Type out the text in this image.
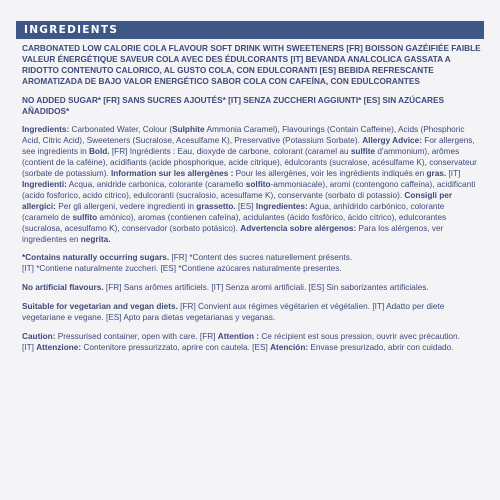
INGREDIENTS

CARBONATED LOW CALORIE COLA FLAVOUR SOFT DRINK WITH SWEETENERS [FR] BOISSON GAZÉIFIÉE FAIBLE VALEUR ÉNERGÉTIQUE SAVEUR COLA AVEC DES ÉDULCORANTS [IT] BEVANDA ANALCOLICA GASSATA A RIDOTTO CONTENUTO CALORICO, AL GUSTO COLA, CON EDULCORANTI [ES] BEBIDA REFRESCANTE AROMATIZADA DE BAJO VALOR ENERGÉTICO SABOR COLA CON CAFEÍNA, CON EDULCORANTES

NO ADDED SUGAR* [FR] SANS SUCRES AJOUTÉS* [IT] SENZA ZUCCHERI AGGIUNTI* [ES] SIN AZÚCARES AÑADIDOS*

Ingredients: Carbonated Water, Colour (Sulphite Ammonia Caramel), Flavourings (Contain Caffeine), Acids (Phosphoric Acid, Citric Acid), Sweeteners (Sucralose, Acesulfame K), Preservative (Potassium Sorbate). Allergy Advice: For allergens, see ingredients in Bold. [FR] Ingrédients : Eau, dioxyde de carbone, colorant (caramel au sulfite d'ammonium), arômes (contient de la caféine), acidifiants (acide phosphorique, acide citrique), édulcorants (sucralose, acésulfame K), conservateur (sorbate de potassium). Information sur les allergènes : Pour les allergènes, voir les ingrédients indiqués en gras. [IT] Ingredienti: Acqua, anidride carbonica, colorante (caramello solfito-ammoniacale), aromi (contengono caffeina), acidificanti (acido fosforico, acido citrico), edulcoranti (sucralosio, acesulfame K), conservante (sorbato di potassio). Consigli per allergici: Per gli allergeni, vedere ingredienti in grassetto. [ES] Ingredientes: Agua, anhídrido carbónico, colorante (caramelo de sulfito amónico), aromas (contienen cafeína), acidulantes (ácido fosfórico, ácido cítrico), edulcorantes (sucralosa, acesulfamo K), conservador (sorbato potásico). Advertencia sobre alérgenos: Para los alérgenos, ver ingredientes en negrita.

*Contains naturally occurring sugars. [FR] *Content des sucres naturellement présents.
[IT] *Contiene naturalmente zuccheri. [ES] *Contiene azúcares naturalmente presentes.

No artificial flavours. [FR] Sans arômes artificiels. [IT] Senza aromi artificiali. [ES] Sin saborizantes artificiales.

Suitable for vegetarian and vegan diets. [FR] Convient aux régimes végétarien et végétalien. [IT] Adatto per diete vegetariane e vegane. [ES] Apto para dietas vegetarianas y veganas.

Caution: Pressurised container, open with care. [FR] Attention : Ce récipient est sous pression, ouvrir avec précaution.
[IT] Attenzione: Contenitore pressurizzato, aprire con cautela. [ES] Atención: Envase presurizado, abrir con cuidado.
